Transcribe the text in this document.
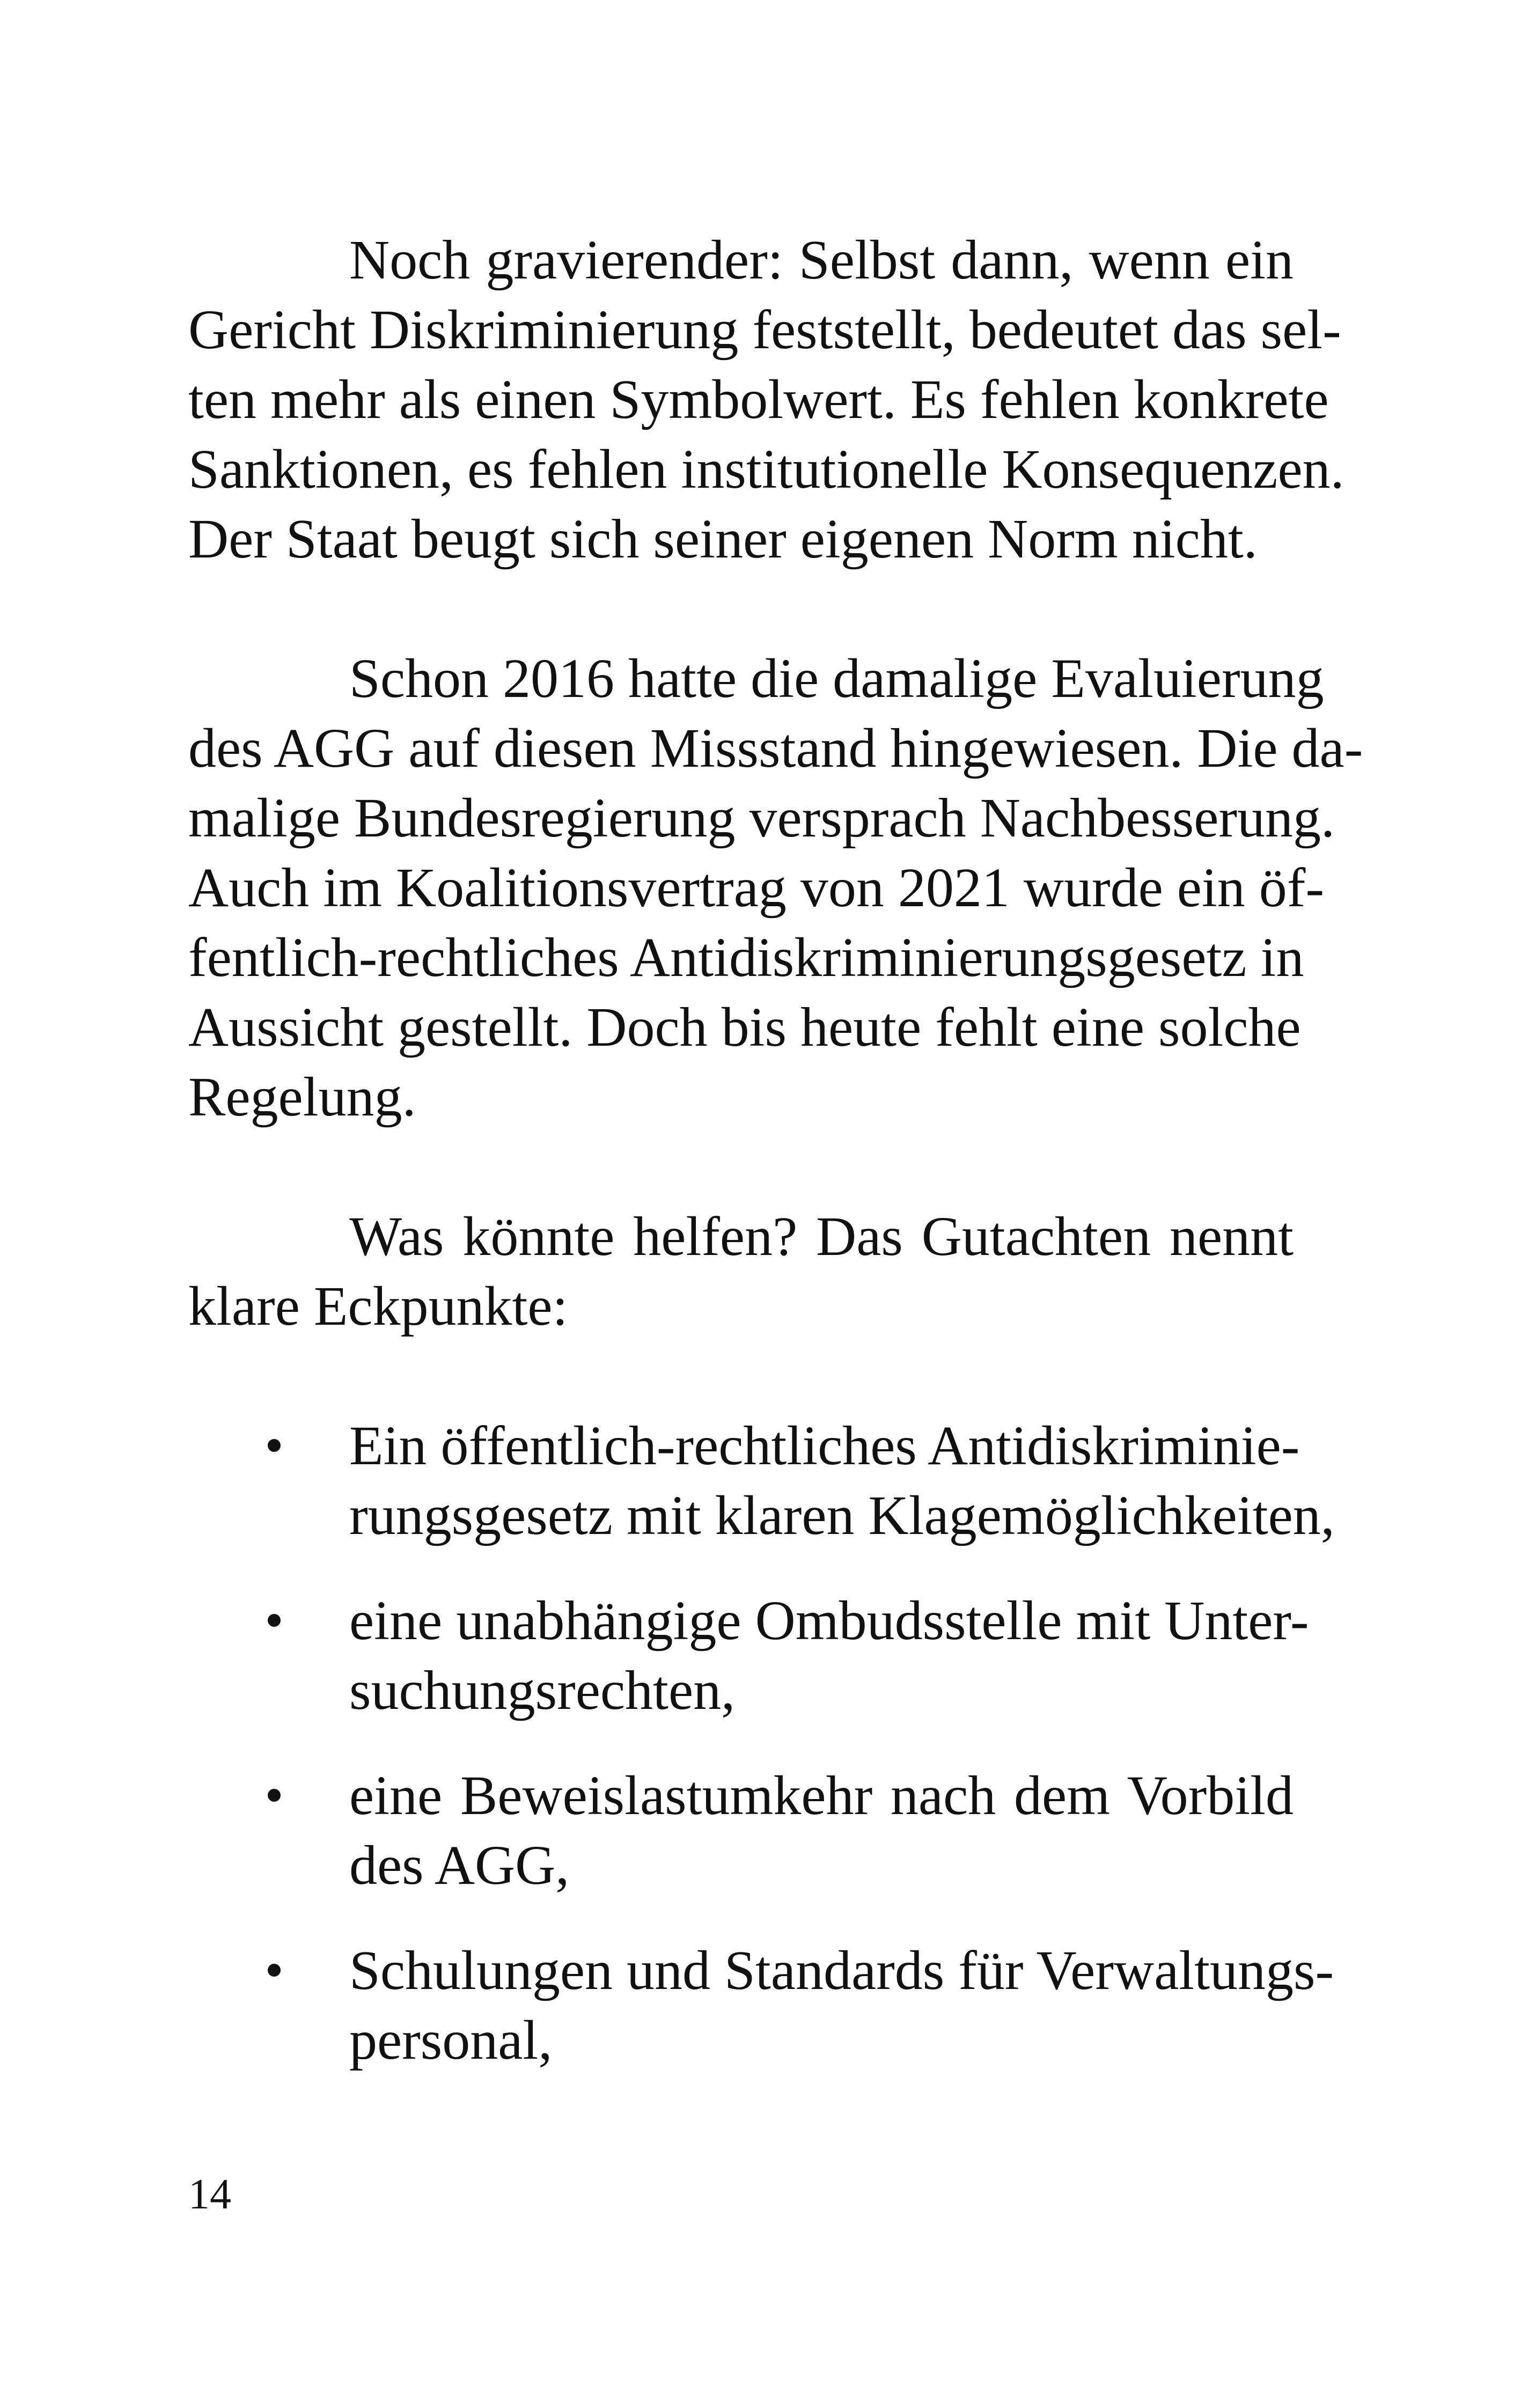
Noch gravierender: Selbst dann, wenn ein
Gericht Diskriminierung feststellt, bedeutet das sel-
ten mehr als einen Symbolwert. Es fehlen konkrete
Sanktionen, es fehlen institutionelle Konsequenzen.
Der Staat beugt sich seiner eigenen Norm nicht.

Schon 2016 hatte die damalige Evaluierung
des AGG auf diesen Missstand hingewiesen. Die da-
malige Bundesregierung versprach Nachbesserung.
Auch im Koalitionsvertrag von 2021 wurde ein öf-
fentlich-rechtliches Antidiskriminierungsgesetz in
Aussicht gestellt. Doch bis heute fehlt eine solche
Regelung.

Was könnte helfen? Das Gutachten nennt
klare Eckpunkte:

Ein öffentlich-rechtliches Antidiskriminie-
rungsgesetz mit klaren Klagemöglichkeiten,
eine unabhängige Ombudsstelle mit Unter-
suchungsrechten,
eine Beweislastumkehr nach dem Vorbild
des AGG,
Schulungen und Standards für Verwaltungs-
personal,
14
